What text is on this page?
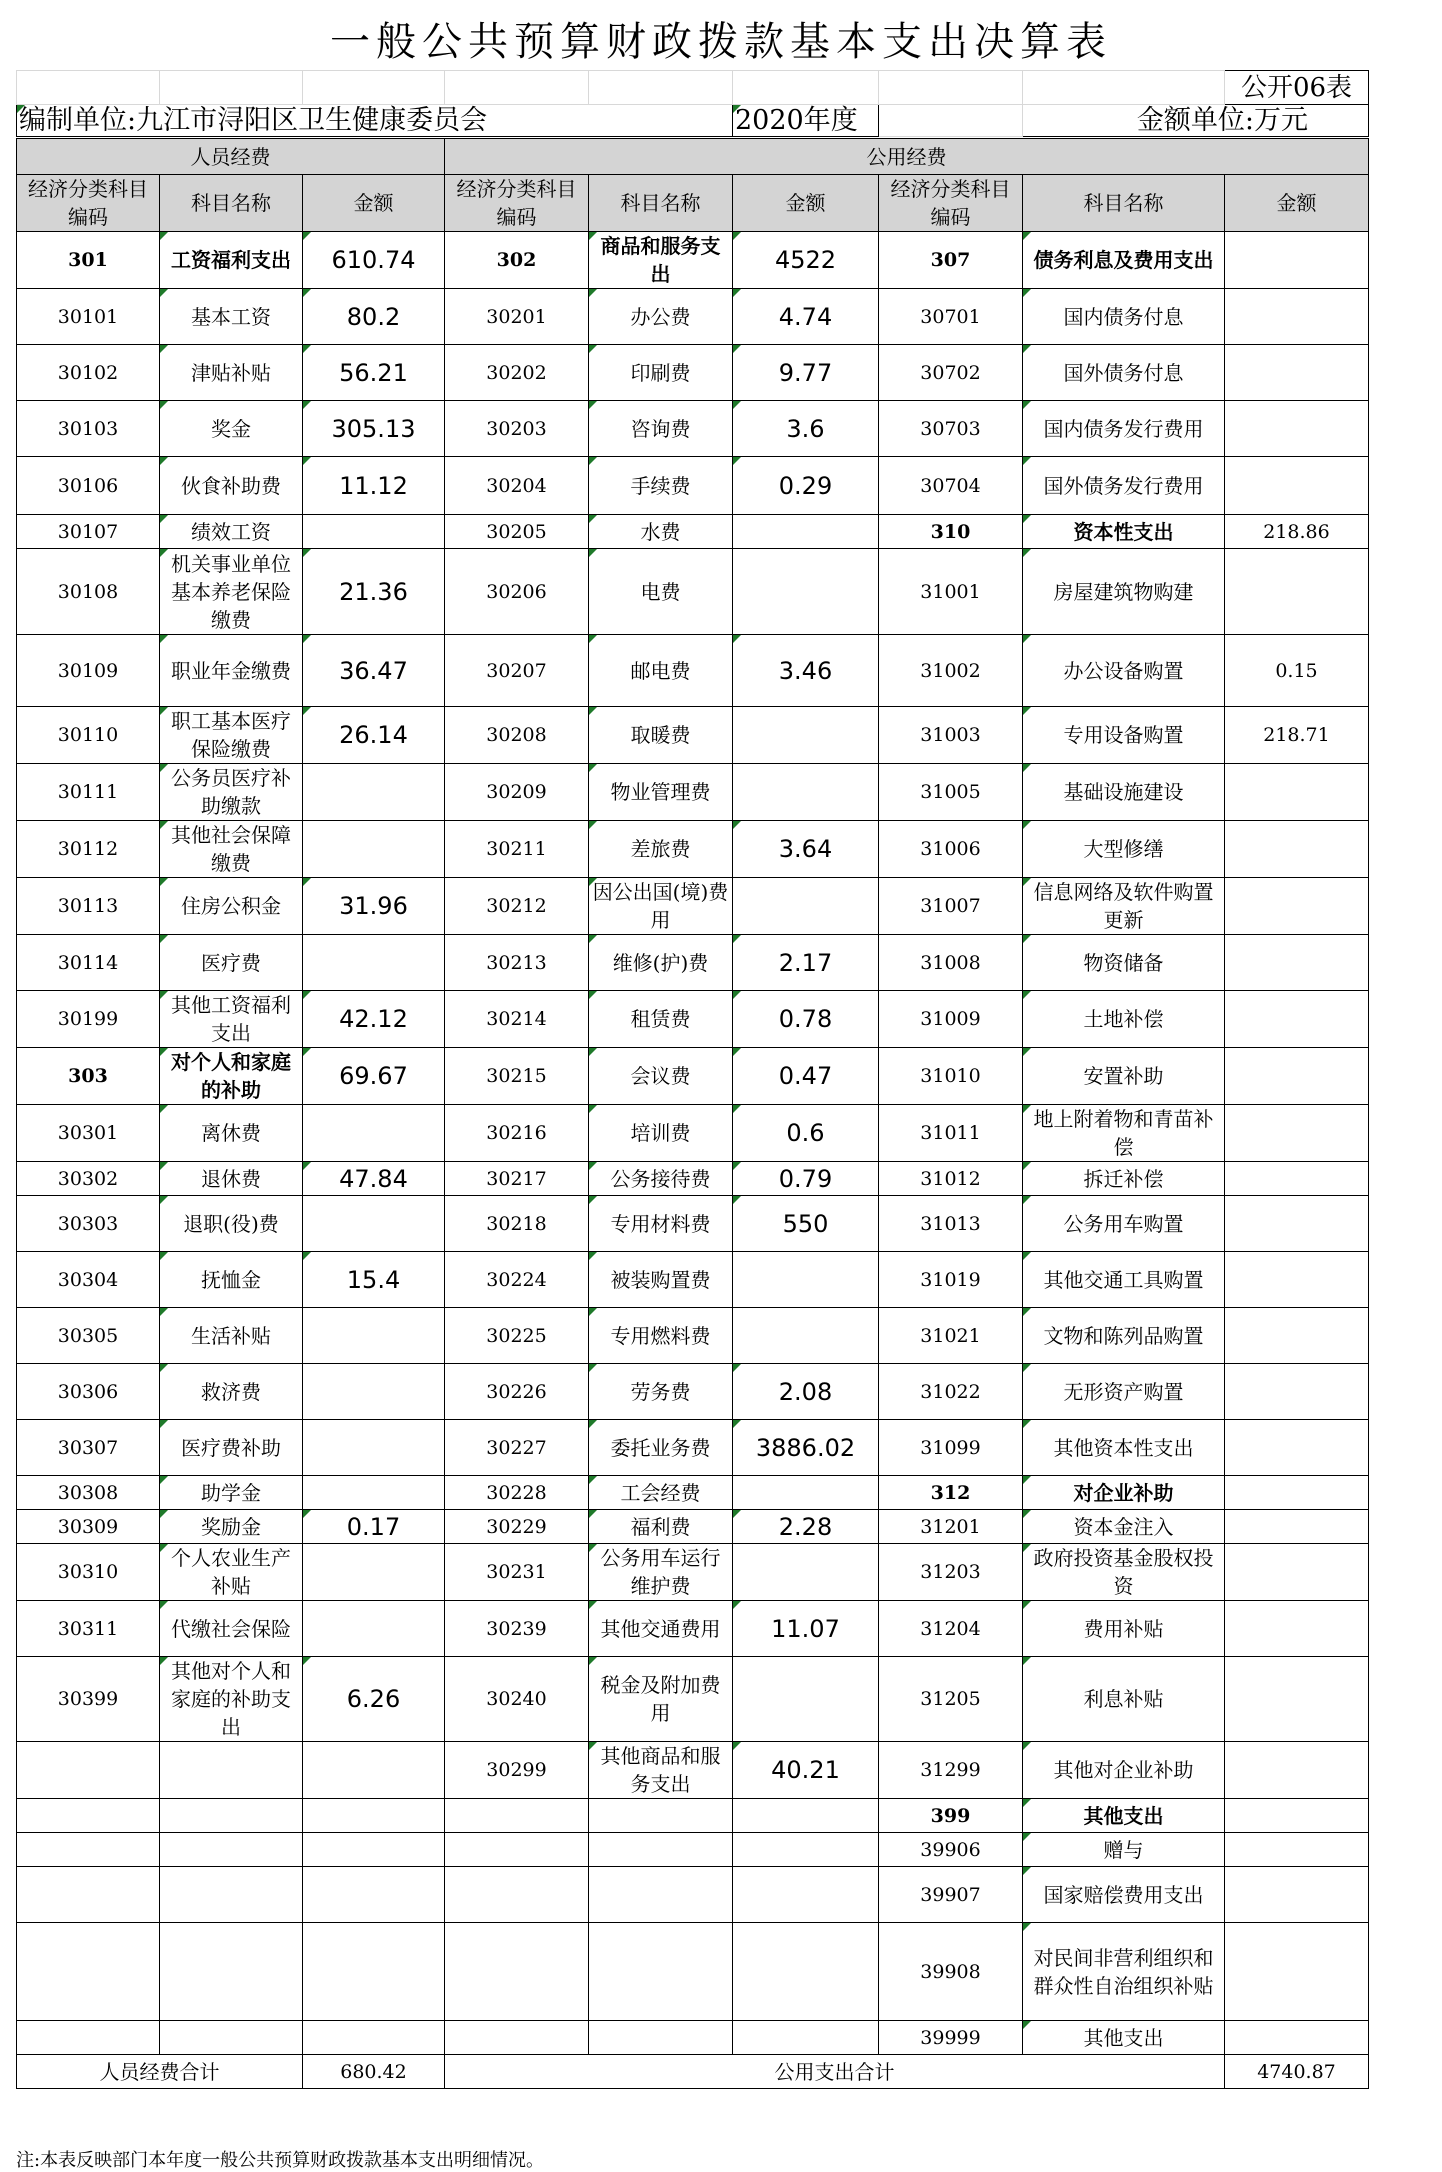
一般公共预算财政拨款基本支出决算表
								公开06表
编制单位:九江市浔阳区卫生健康委员会					2020年度		金额单位:万元	
人员经费			公用经费					
经济分类科目编码	科目名称	金额	经济分类科目编码	科目名称	金额	经济分类科目编码	科目名称	金额
301	工资福利支出	610.74	302	商品和服务支出	4522	307	债务利息及费用支出	
30101	基本工资	80.2	30201	办公费	4.74	30701	国内债务付息	
30102	津贴补贴	56.21	30202	印刷费	9.77	30702	国外债务付息	
30103	奖金	305.13	30203	咨询费	3.6	30703	国内债务发行费用	
30106	伙食补助费	11.12	30204	手续费	0.29	30704	国外债务发行费用	
30107	绩效工资		30205	水费		310	资本性支出	218.86
30108	机关事业单位基本养老保险缴费	21.36	30206	电费		31001	房屋建筑物购建	
30109	职业年金缴费	36.47	30207	邮电费	3.46	31002	办公设备购置	0.15
30110	职工基本医疗保险缴费	26.14	30208	取暖费		31003	专用设备购置	218.71
30111	公务员医疗补助缴款		30209	物业管理费		31005	基础设施建设	
30112	其他社会保障缴费		30211	差旅费	3.64	31006	大型修缮	
30113	住房公积金	31.96	30212	因公出国(境)费用		31007	信息网络及软件购置更新	
30114	医疗费		30213	维修(护)费	2.17	31008	物资储备	
30199	其他工资福利支出	42.12	30214	租赁费	0.78	31009	土地补偿	
303	对个人和家庭的补助	69.67	30215	会议费	0.47	31010	安置补助	
30301	离休费		30216	培训费	0.6	31011	地上附着物和青苗补偿	
30302	退休费	47.84	30217	公务接待费	0.79	31012	拆迁补偿	
30303	退职(役)费		30218	专用材料费	550	31013	公务用车购置	
30304	抚恤金	15.4	30224	被装购置费		31019	其他交通工具购置	
30305	生活补贴		30225	专用燃料费		31021	文物和陈列品购置	
30306	救济费		30226	劳务费	2.08	31022	无形资产购置	
30307	医疗费补助		30227	委托业务费	3886.02	31099	其他资本性支出	
30308	助学金		30228	工会经费		312	对企业补助	
30309	奖励金	0.17	30229	福利费	2.28	31201	资本金注入	
30310	个人农业生产补贴		30231	公务用车运行维护费		31203	政府投资基金股权投资	
30311	代缴社会保险		30239	其他交通费用	11.07	31204	费用补贴	
30399	其他对个人和家庭的补助支出	6.26	30240	税金及附加费用		31205	利息补贴	
			30299	其他商品和服务支出	40.21	31299	其他对企业补助	
						399	其他支出	
						39906	赠与	
						39907	国家赔偿费用支出	
						39908	对民间非营利组织和群众性自治组织补贴	
						39999	其他支出	
人员经费合计		680.42	公用支出合计					4740.87
注:本表反映部门本年度一般公共预算财政拨款基本支出明细情况。
